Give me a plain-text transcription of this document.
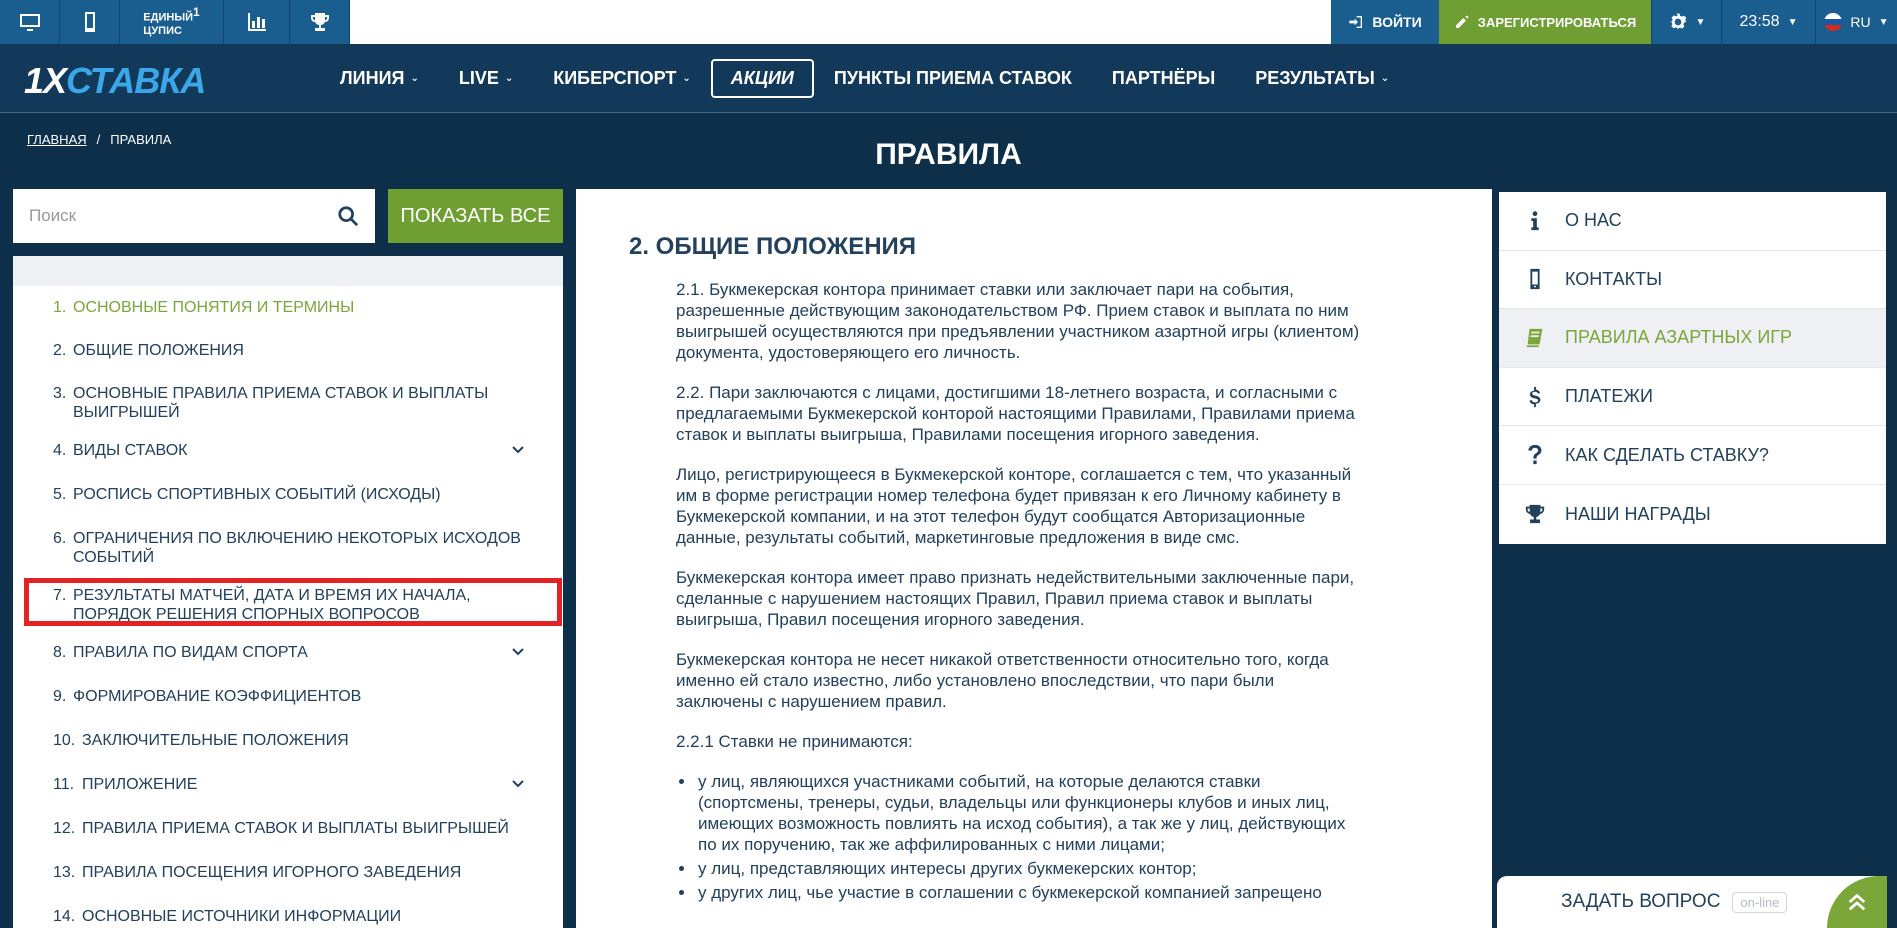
ЕДИНЫЙ$^1$
ЦУПИС
ВОЙТИ	ЗАРЕГИСТРИРОВАТЬСЯ	▼ 23:58 ▼	RU ▼
1XСТАВКА	ЛИНИЯ ⌄ LIVE ⌄ КИБЕРСПОРТ ⌄ АКЦИИ ПУНКТЫ ПРИЕМА СТАВОК ПАРТНЁРЫ РЕЗУЛЬТАТЫ ⌄
ПРАВИЛА
ГЛАВНАЯ / ПРАВИЛА
Поиск
ПОКАЗАТЬ ВСЕ
1. ОСНОВНЫЕ ПОНЯТИЯ И ТЕРМИНЫ
2. ОБЩИЕ ПОЛОЖЕНИЯ
3. ОСНОВНЫЕ ПРАВИЛА ПРИЕМА СТАВОК И ВЫПЛАТЫ ВЫИГРЫШЕЙ
4. ВИДЫ СТАВОК
5. РОСПИСЬ СПОРТИВНЫХ СОБЫТИЙ (ИСХОДЫ)
6. ОГРАНИЧЕНИЯ ПО ВКЛЮЧЕНИЮ НЕКОТОРЫХ ИСХОДОВ СОБЫТИЙ
7. РЕЗУЛЬТАТЫ МАТЧЕЙ, ДАТА И ВРЕМЯ ИХ НАЧАЛА, ПОРЯДОК РЕШЕНИЯ СПОРНЫХ ВОПРОСОВ
8. ПРАВИЛА ПО ВИДАМ СПОРТА
9. ФОРМИРОВАНИЕ КОЭФФИЦИЕНТОВ
10. ЗАКЛЮЧИТЕЛЬНЫЕ ПОЛОЖЕНИЯ
11. ПРИЛОЖЕНИЕ
12. ПРАВИЛА ПРИЕМА СТАВОК И ВЫПЛАТЫ ВЫИГРЫШЕЙ
13. ПРАВИЛА ПОСЕЩЕНИЯ ИГОРНОГО ЗАВЕДЕНИЯ
14. ОСНОВНЫЕ ИСТОЧНИКИ ИНФОРМАЦИИ
2. ОБЩИЕ ПОЛОЖЕНИЯ

2.1. Букмекерская контора принимает ставки или заключает пари на события, разрешенные действующим законодательством РФ. Прием ставок и выплата по ним выигрышей осуществляются при предъявлении участником азартной игры (клиентом) документа, удостоверяющего его личность.

2.2. Пари заключаются с лицами, достигшими 18-летнего возраста, и согласными с предлагаемыми Букмекерской конторой настоящими Правилами, Правилами приема ставок и выплаты выигрыша, Правилами посещения игорного заведения.

Лицо, регистрирующееся в Букмекерской конторе, соглашается с тем, что указанный им в форме регистрации номер телефона будет привязан к его Личному кабинету в Букмекерской компании, и на этот телефон будут сообщатся Авторизационные данные, результаты событий, маркетинговые предложения в виде смс.

Букмекерская контора имеет право признать недействительными заключенные пари, сделанные с нарушением настоящих Правил, Правил приема ставок и выплаты выигрыша, Правил посещения игорного заведения.

Букмекерская контора не несет никакой ответственности относительно того, когда именно ей стало известно, либо установлено впоследствии, что пари были заключены с нарушением правил.

2.2.1 Ставки не принимаются:

• у лиц, являющихся участниками событий, на которые делаются ставки (спортсмены, тренеры, судьи, владельцы или функционеры клубов и иных лиц, имеющих возможность повлиять на исход события), а так же у лиц, действующих по их поручению, так же аффилированных с ними лицами;
• у лиц, представляющих интересы других букмекерских контор;
• у других лиц, чье участие в соглашении с букмекерской компанией запрещено
О НАС
КОНТАКТЫ
ПРАВИЛА АЗАРТНЫХ ИГР
ПЛАТЕЖИ
КАК СДЕЛАТЬ СТАВКУ?
НАШИ НАГРАДЫ
ЗАДАТЬ ВОПРОС	on-line
